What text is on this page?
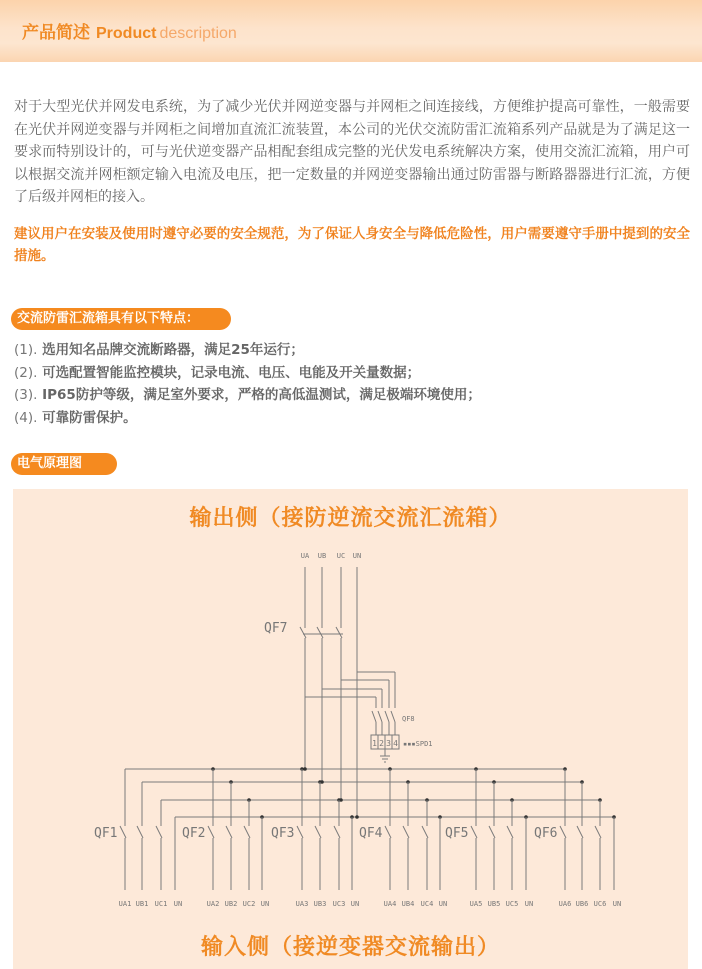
产品简述 Product description
对于大型光伏并网发电系统，为了减少光伏并网逆变器与并网柜之间连接线，方便维护提高可靠性，一般需要在光伏并网逆变器与并网柜之间增加直流汇流装置，本公司的光伏交流防雷汇流箱系列产品就是为了满足这一要求而特别设计的，可与光伏逆变器产品相配套组成完整的光伏发电系统解决方案，使用交流汇流箱，用户可以根据交流并网柜额定输入电流及电压，把一定数量的并网逆变器输出通过防雷器与断路器器进行汇流，方便了后级并网柜的接入。
建议用户在安装及使用时遵守必要的安全规范，为了保证人身安全与降低危险性，用户需要遵守手册中提到的安全措施。
交流防雷汇流箱具有以下特点：
(1). 选用知名品牌交流断路器，满足25年运行；
(2). 可选配置智能监控模块，记录电流、电压、电能及开关量数据；
(3). IP65防护等级，满足室外要求，严格的高低温测试，满足极端环境使用；
(4). 可靠防雷保护。
电气原理图
输出侧（接防逆流交流汇流箱）
UA UB UC UN
QF7
QF8
1 2 3 4 ▪▪▪SPD1
QF1
UA1 UB1 UC1 UN
QF2
UA2 UB2 UC2 UN
QF3
UA3 UB3 UC3 UN
QF4
UA4 UB4 UC4 UN
QF5
UA5 UB5 UC5 UN
QF6
UA6 UB6 UC6 UN
输入侧（接逆变器交流输出）
